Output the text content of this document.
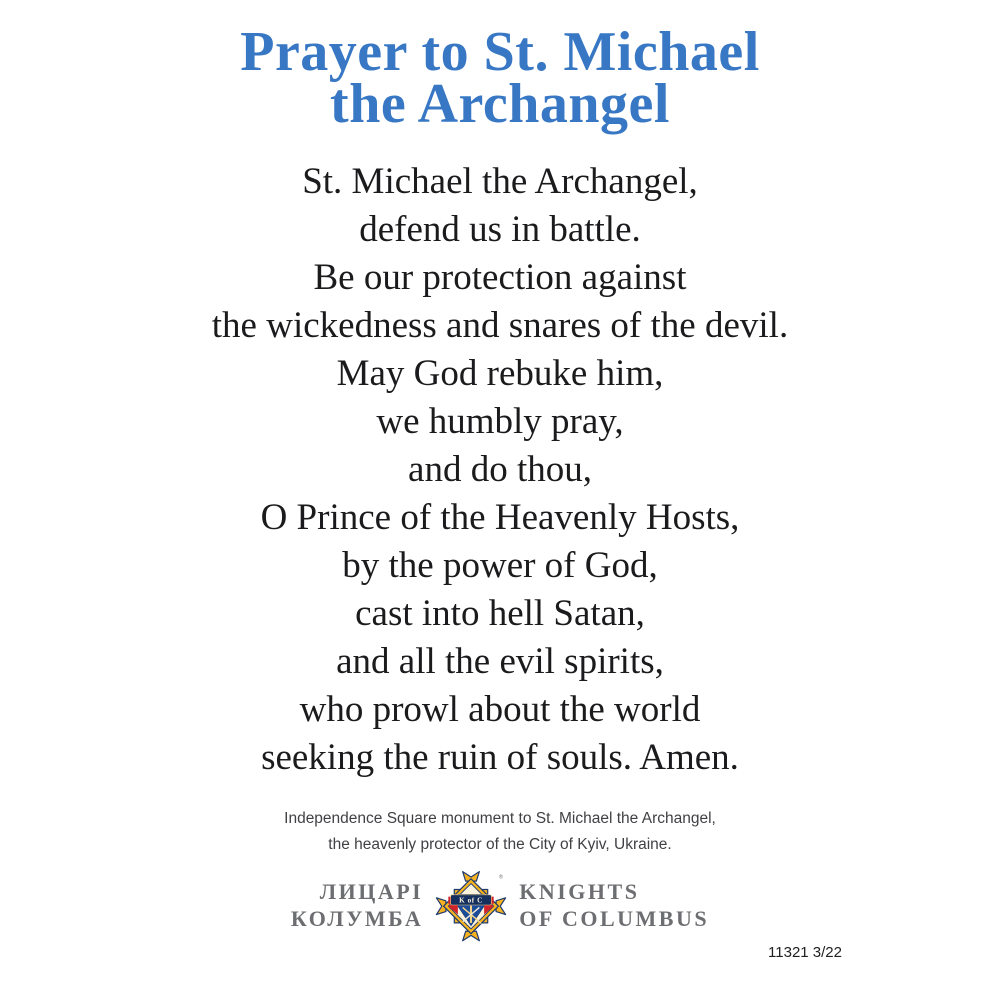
Prayer to St. Michael
the Archangel
St. Michael the Archangel,
defend us in battle.
Be our protection against
the wickedness and snares of the devil.
May God rebuke him,
we humbly pray,
and do thou,
O Prince of the Heavenly Hosts,
by the power of God,
cast into hell Satan,
and all the evil spirits,
who prowl about the world
seeking the ruin of souls. Amen.
Independence Square monument to St. Michael the Archangel,
the heavenly protector of the City of Kyiv, Ukraine.
ЛИЦАРІ
КОЛУМБА
K of C
®
KNIGHTS
OF COLUMBUS
11321 3/22
